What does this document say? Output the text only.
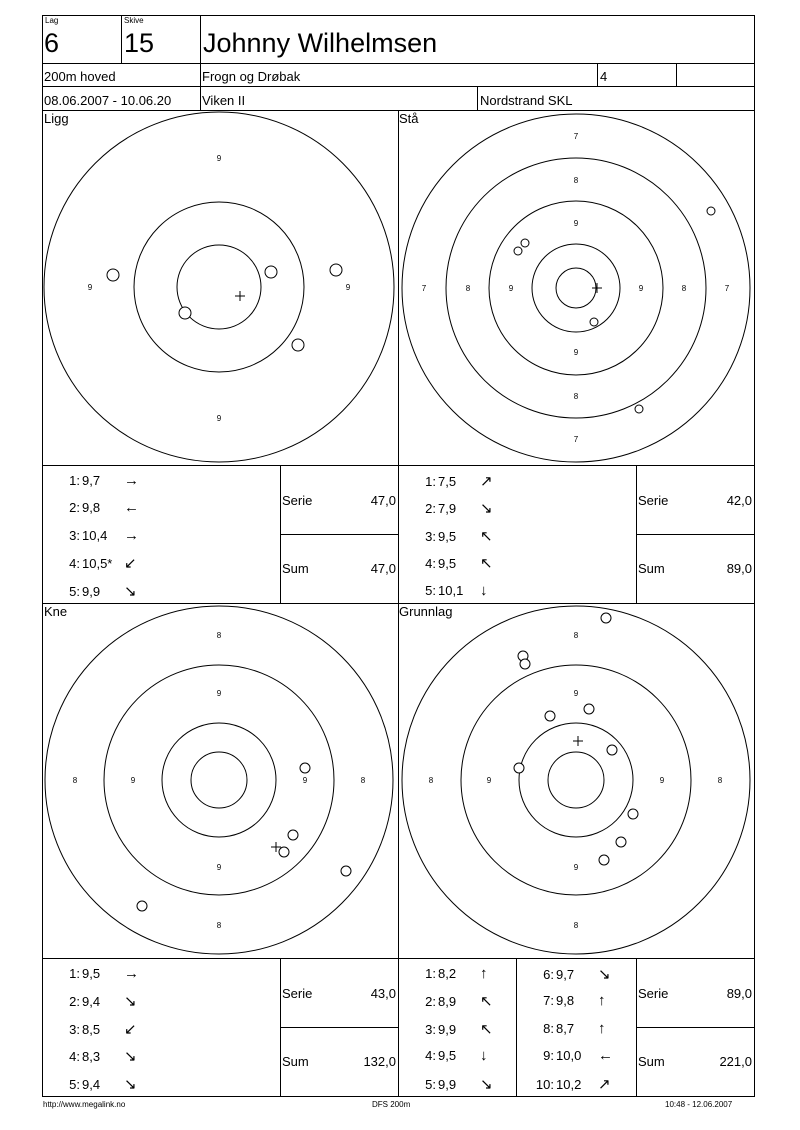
Lag
6
Skive
15 Johnny Wilhelmsen
200m hoved	Frogn og Drøbak	4
08.06.2007 - 10.06.20 Viken II	Nordstrand SKL
Ligg	Stå
Kne	Grunnlag
9
9
9	9
7
8
9
9
8
7
7	8	9	9	8	7
8
9
9
8
8	9	9	8
8
9
9
8
8	9	9	8
1: 9,7 →
2: 9,8 ←
3: 10,4 →
4: 10,5* ↙
5: 9,9 ↘
1: 7,5 ↗
2: 7,9 ↘
3: 9,5 ↖
4: 9,5 ↖
5: 10,1 ↓
1: 9,5 →
2: 9,4 ↘
3: 8,5 ↙
4: 8,3 ↘
5: 9,4 ↘
1: 8,2 ↑
2: 8,9 ↖
3: 9,9 ↖
4: 9,5 ↓
5: 9,9 ↘
6: 9,7 ↘
7: 9,8 ↑
8: 8,7 ↑
9: 10,0 ←
10: 10,2 ↗
Serie	47,0
Sum	47,0
Serie	42,0
Sum	89,0
Serie	43,0
Sum	132,0
Serie	89,0
Sum	221,0
http://www.megalink.no	DFS 200m	10:48 - 12.06.2007
